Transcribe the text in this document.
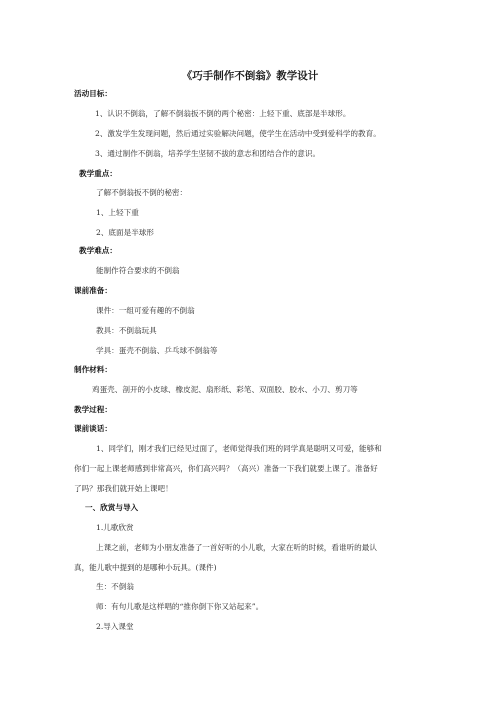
《巧手制作不倒翁》教学设计
活动目标：
1、认识不倒翁，了解不倒翁扳不倒的两个秘密：上轻下重、底部是半球形。
2、激发学生发现问题，然后通过实验解决问题，使学生在活动中受到爱科学的教育。
3、通过制作不倒翁，培养学生坚韧不拔的意志和团结合作的意识。
教学重点：
了解不倒翁扳不倒的秘密：
1、上轻下重
2、底面是半球形
教学难点：
能制作符合要求的不倒翁
课前准备：
课件：一组可爱有趣的不倒翁
教具：不倒翁玩具
学具：蛋壳不倒翁、乒乓球不倒翁等
制作材料：
鸡蛋壳、剖开的小皮球、橡皮泥、扇形纸、彩笔、双面胶、胶水、小刀、剪刀等
教学过程：
课前谈话：
1、同学们，刚才我们已经见过面了，老师觉得我们班的同学真是聪明又可爱，能够和
你们一起上课老师感到非常高兴，你们高兴吗？（高兴）准备一下我们就要上课了。准备好
了吗？那我们就开始上课吧！
一、欣赏与导入
1.儿歌欣赏
上课之前，老师为小朋友准备了一首好听的小儿歌，大家在听的时候，看谁听的最认
真，能儿歌中提到的是哪种小玩具。(课件)
生：不倒翁
师：有句儿歌是这样唱的“推你倒下你又站起来”。
2.导入课堂
